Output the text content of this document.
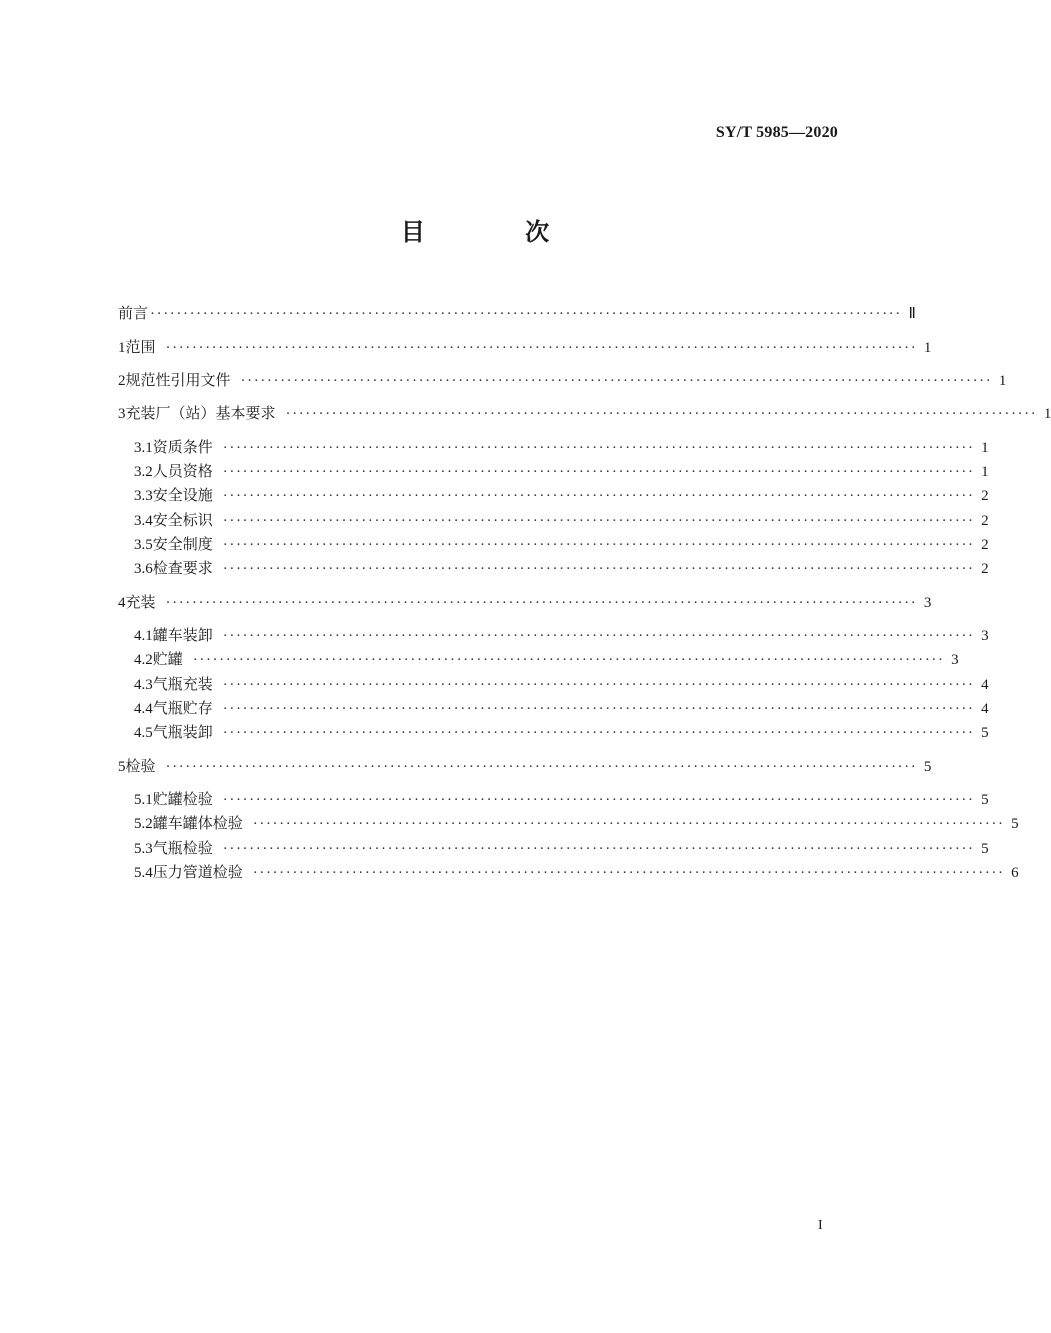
SY/T 5985—2020
目 次
前言 ·················································································································· Ⅱ
1 范围 ·················································································································· 1
2 规范性引用文件 ·················································································································· 1
3 充装厂（站）基本要求 ·················································································································· 1
3.1 资质条件 ·················································································································· 1
3.2 人员资格 ·················································································································· 1
3.3 安全设施 ·················································································································· 2
3.4 安全标识 ·················································································································· 2
3.5 安全制度 ·················································································································· 2
3.6 检查要求 ·················································································································· 2
4 充装 ·················································································································· 3
4.1 罐车装卸 ·················································································································· 3
4.2 贮罐 ·················································································································· 3
4.3 气瓶充装 ·················································································································· 4
4.4 气瓶贮存 ·················································································································· 4
4.5 气瓶装卸 ·················································································································· 5
5 检验 ·················································································································· 5
5.1 贮罐检验 ·················································································································· 5
5.2 罐车罐体检验 ·················································································································· 5
5.3 气瓶检验 ·················································································································· 5
5.4 压力管道检验 ·················································································································· 6
I
